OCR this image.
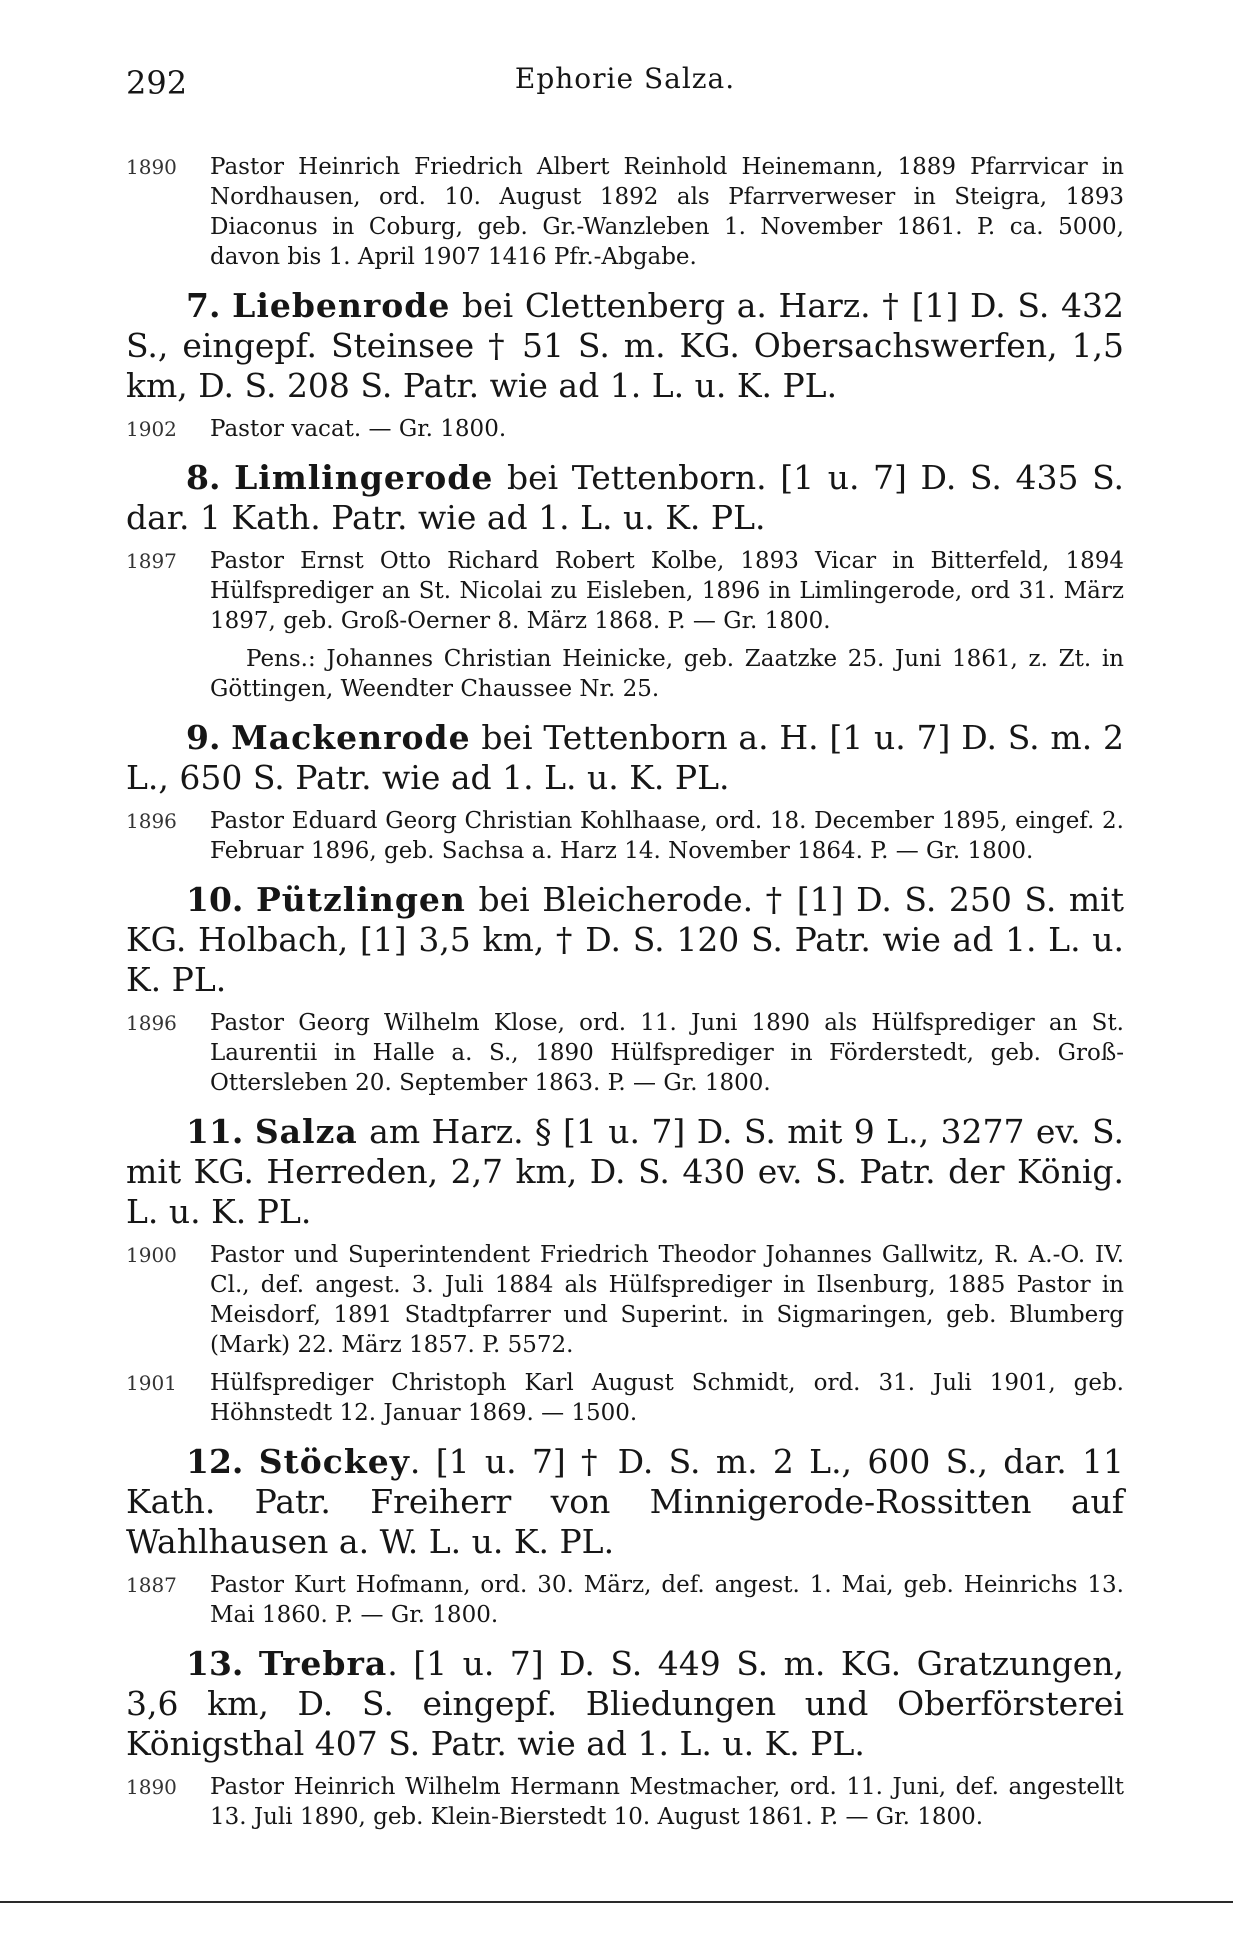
292	Ephorie Salza.

1890 Pastor Heinrich Friedrich Albert Reinhold Heinemann, 1889 Pfarrvicar in Nordhausen, ord. 10. August 1892 als Pfarrverweser in Steigra, 1893 Diaconus in Coburg, geb. Gr.-Wanzleben 1. November 1861. P. ca. 5000, davon bis 1. April 1907 1416 Pfr.-Abgabe.

7. Liebenrode bei Clettenberg a. Harz. † [1] D. S. 432 S., eingepf. Steinsee † 51 S. m. KG. Obersachswerfen, 1,5 km, D. S. 208 S. Patr. wie ad 1. L. u. K. PL.

1902 Pastor vacat. — Gr. 1800.

8. Limlingerode bei Tettenborn. [1 u. 7] D. S. 435 S. dar. 1 Kath. Patr. wie ad 1. L. u. K. PL.

1897 Pastor Ernst Otto Richard Robert Kolbe, 1893 Vicar in Bitterfeld, 1894 Hülfsprediger an St. Nicolai zu Eisleben, 1896 in Limlingerode, ord 31. März 1897, geb. Groß-Oerner 8. März 1868. P. — Gr. 1800.

Pens.: Johannes Christian Heinicke, geb. Zaatzke 25. Juni 1861, z. Zt. in Göttingen, Weendter Chaussee Nr. 25.

9. Mackenrode bei Tettenborn a. H. [1 u. 7] D. S. m. 2 L., 650 S. Patr. wie ad 1. L. u. K. PL.

1896 Pastor Eduard Georg Christian Kohlhaase, ord. 18. December 1895, eingef. 2. Februar 1896, geb. Sachsa a. Harz 14. November 1864. P. — Gr. 1800.

10. Pützlingen bei Bleicherode. † [1] D. S. 250 S. mit KG. Holbach, [1] 3,5 km, † D. S. 120 S. Patr. wie ad 1. L. u. K. PL.

1896 Pastor Georg Wilhelm Klose, ord. 11. Juni 1890 als Hülfsprediger an St. Laurentii in Halle a. S., 1890 Hülfsprediger in Förderstedt, geb. Groß-Ottersleben 20. September 1863. P. — Gr. 1800.

11. Salza am Harz. § [1 u. 7] D. S. mit 9 L., 3277 ev. S. mit KG. Herreden, 2,7 km, D. S. 430 ev. S. Patr. der König. L. u. K. PL.

1900 Pastor und Superintendent Friedrich Theodor Johannes Gallwitz, R. A.-O. IV. Cl., def. angest. 3. Juli 1884 als Hülfsprediger in Ilsenburg, 1885 Pastor in Meisdorf, 1891 Stadtpfarrer und Superint. in Sigmaringen, geb. Blumberg (Mark) 22. März 1857. P. 5572.

1901 Hülfsprediger Christoph Karl August Schmidt, ord. 31. Juli 1901, geb. Höhnstedt 12. Januar 1869. — 1500.

12. Stöckey. [1 u. 7] † D. S. m. 2 L., 600 S., dar. 11 Kath. Patr. Freiherr von Minnigerode-Rossitten auf Wahlhausen a. W. L. u. K. PL.

1887 Pastor Kurt Hofmann, ord. 30. März, def. angest. 1. Mai, geb. Heinrichs 13. Mai 1860. P. — Gr. 1800.

13. Trebra. [1 u. 7] D. S. 449 S. m. KG. Gratzungen, 3,6 km, D. S. eingepf. Bliedungen und Oberförsterei Königsthal 407 S. Patr. wie ad 1. L. u. K. PL.

1890 Pastor Heinrich Wilhelm Hermann Mestmacher, ord. 11. Juni, def. angestellt 13. Juli 1890, geb. Klein-Bierstedt 10. August 1861. P. — Gr. 1800.
